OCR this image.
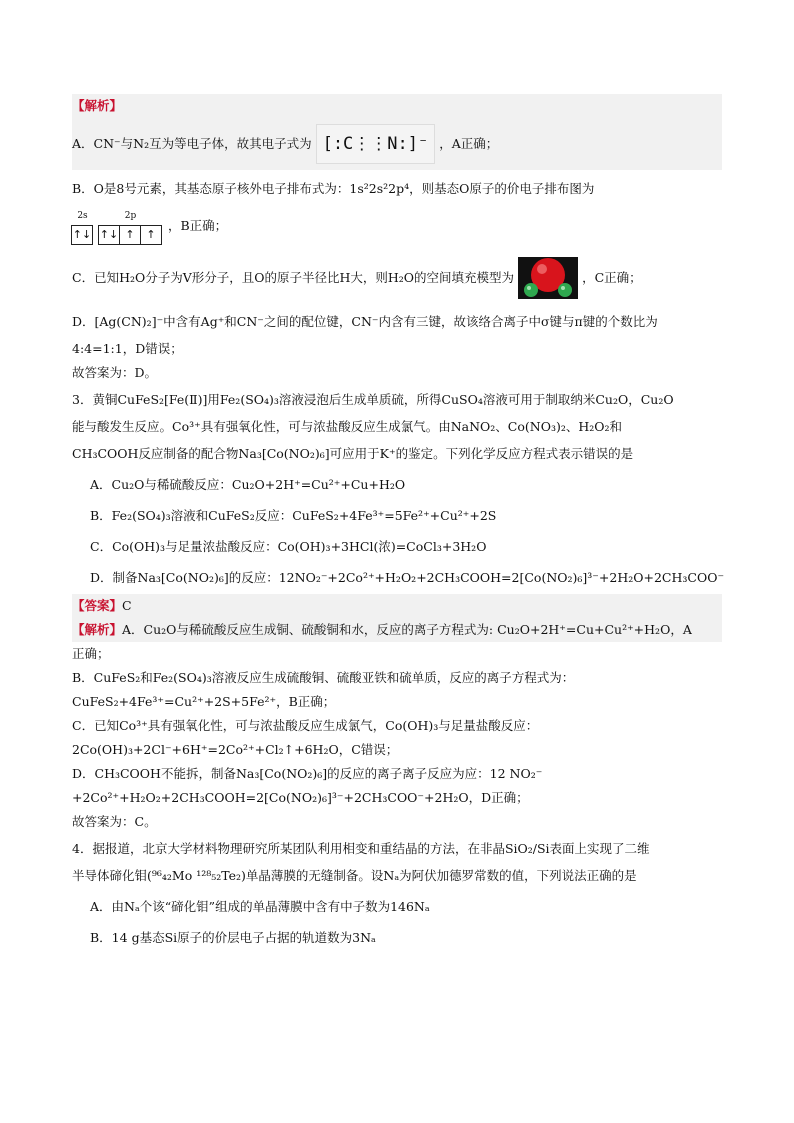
【解析】
A．CN⁻与N₂互为等电子体，故其电子式为 [:C⋮⋮N:]⁻ ，A正确；
B．O是8号元素，其基态原子核外电子排布式为：1s²2s²2p⁴，则基态O原子的价电子排布图为
2s
↑↓
2p
↑↓ ↑	↑
，B正确；
C．已知H₂O分子为V形分子，且O的原子半径比H大，则H₂O的空间填充模型为	，C正确；
D．[Ag(CN)₂]⁻中含有Ag⁺和CN⁻之间的配位键，CN⁻内含有三键，故该络合离子中σ键与π键的个数比为
4:4=1:1，D错误；
故答案为：D。
3．黄铜CuFeS₂[Fe(Ⅱ)]用Fe₂(SO₄)₃溶液浸泡后生成单质硫，所得CuSO₄溶液可用于制取纳米Cu₂O，Cu₂O
能与酸发生反应。Co³⁺具有强氧化性，可与浓盐酸反应生成氯气。由NaNO₂、Co(NO₃)₂、H₂O₂和
CH₃COOH反应制备的配合物Na₃[Co(NO₂)₆]可应用于K⁺的鉴定。下列化学反应方程式表示错误的是
A．Cu₂O与稀硫酸反应：Cu₂O+2H⁺=Cu²⁺+Cu+H₂O
B．Fe₂(SO₄)₃溶液和CuFeS₂反应：CuFeS₂+4Fe³⁺=5Fe²⁺+Cu²⁺+2S
C．Co(OH)₃与足量浓盐酸反应：Co(OH)₃+3HCl(浓)=CoCl₃+3H₂O
D．制备Na₃[Co(NO₂)₆]的反应：12NO₂⁻+2Co²⁺+H₂O₂+2CH₃COOH=2[Co(NO₂)₆]³⁻+2H₂O+2CH₃COO⁻
【答案】C
【解析】A．Cu₂O与稀硫酸反应生成铜、硫酸铜和水，反应的离子方程式为: Cu₂O+2H⁺=Cu+Cu²⁺+H₂O，A
正确；
B．CuFeS₂和Fe₂(SO₄)₃溶液反应生成硫酸铜、硫酸亚铁和硫单质，反应的离子方程式为：
CuFeS₂+4Fe³⁺=Cu²⁺+2S+5Fe²⁺，B正确；
C．已知Co³⁺具有强氧化性，可与浓盐酸反应生成氯气，Co(OH)₃与足量盐酸反应：
2Co(OH)₃+2Cl⁻+6H⁺=2Co²⁺+Cl₂↑+6H₂O，C错误；
D．CH₃COOH不能拆，制备Na₃[Co(NO₂)₆]的反应的离子离子反应为应：12 NO₂⁻
+2Co²⁺+H₂O₂+2CH₃COOH=2[Co(NO₂)₆]³⁻+2CH₃COO⁻+2H₂O，D正确；
故答案为：C。
4．据报道，北京大学材料物理研究所某团队利用相变和重结晶的方法，在非晶SiO₂/Si表面上实现了二维
半导体碲化钼(⁹⁶₄₂Mo ¹²⁸₅₂Te₂)单晶薄膜的无缝制备。设Nₐ为阿伏加德罗常数的值，下列说法正确的是
A．由Nₐ个该“碲化钼”组成的单晶薄膜中含有中子数为146Nₐ
B．14 g基态Si原子的价层电子占据的轨道数为3Nₐ
